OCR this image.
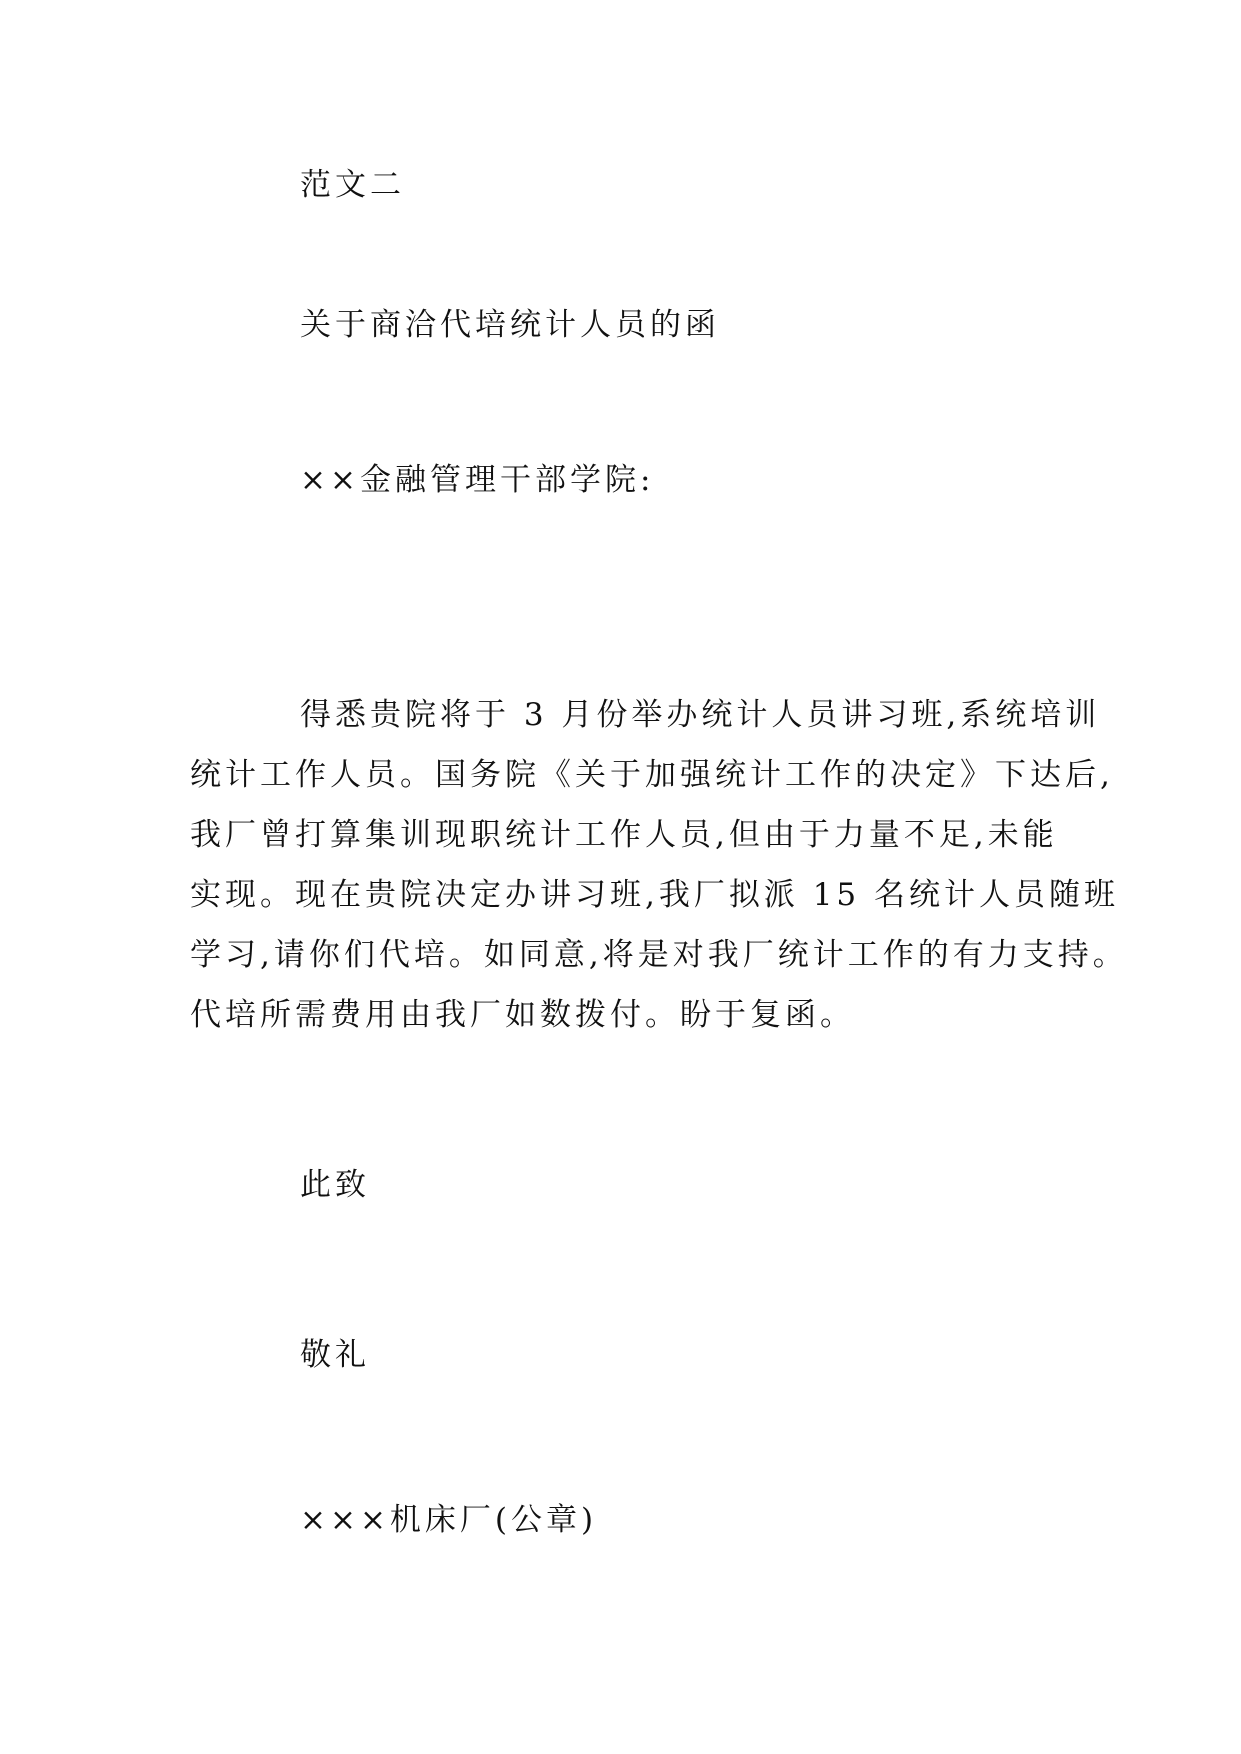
范文二
关于商洽代培统计人员的函
××金融管理干部学院:
得悉贵院将于 3 月份举办统计人员讲习班,系统培训
统计工作人员。国务院《关于加强统计工作的决定》下达后,
我厂曾打算集训现职统计工作人员,但由于力量不足,未能
实现。现在贵院决定办讲习班,我厂拟派 15 名统计人员随班
学习,请你们代培。如同意,将是对我厂统计工作的有力支持。
代培所需费用由我厂如数拨付。盼于复函。
此致
敬礼
×××机床厂(公章)
